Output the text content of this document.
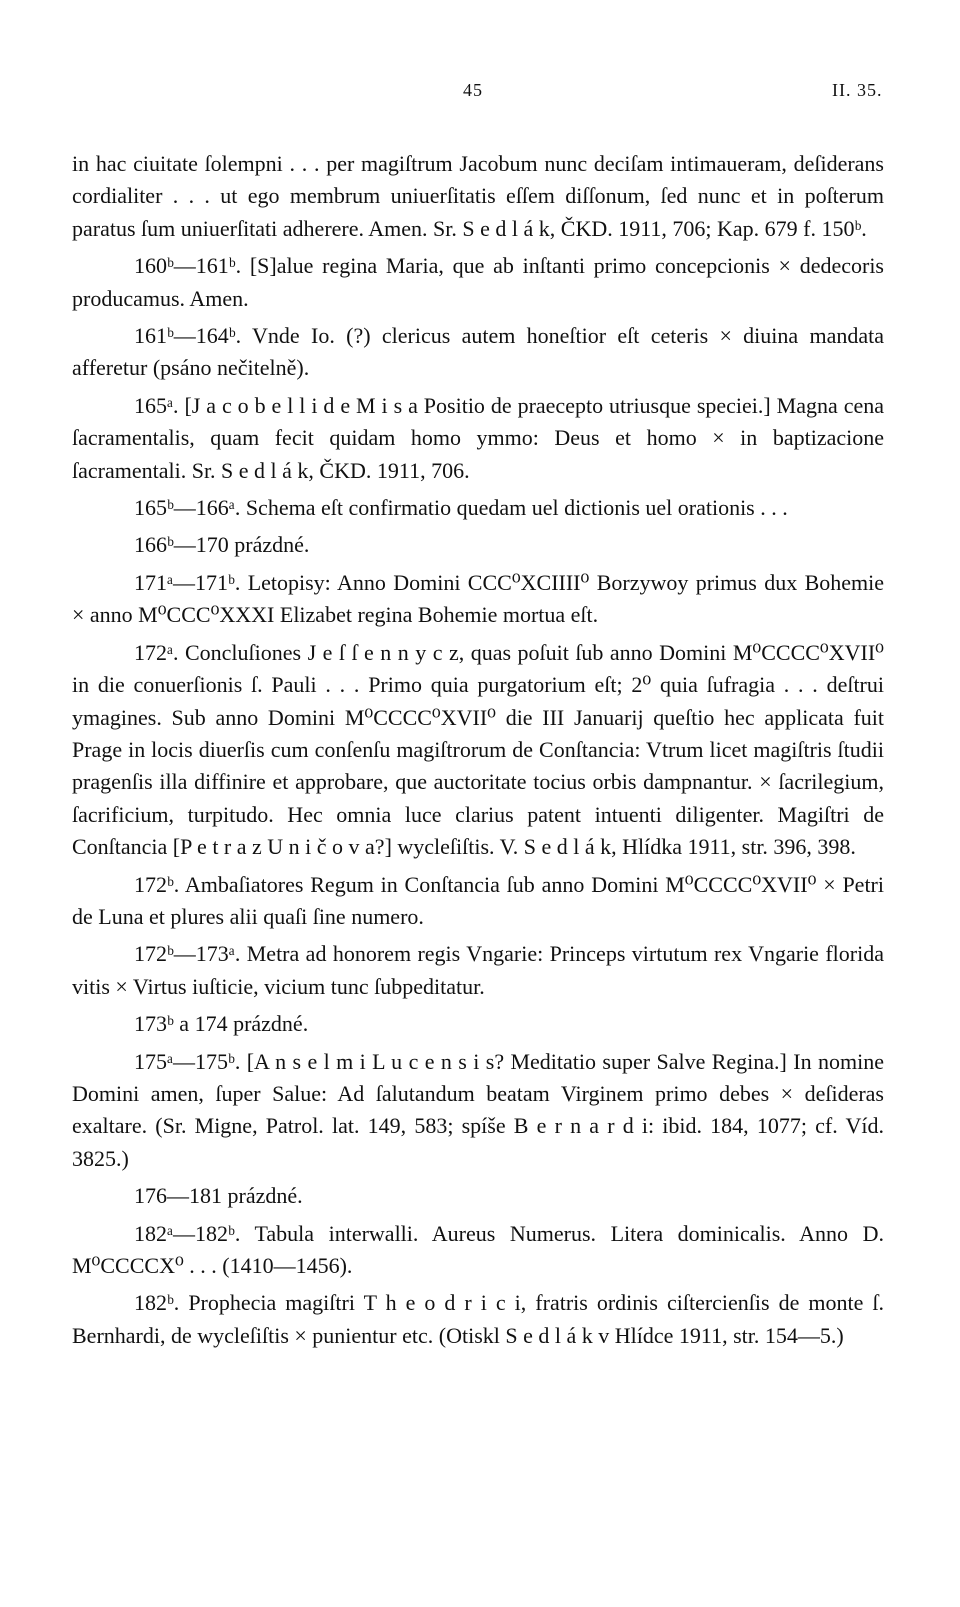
45	II. 35.

in hac ciuitate ſolempni . . . per magiſtrum Jacobum nunc deciſam intimaueram, deſiderans cordialiter . . . ut ego membrum uniuerſitatis eſſem diſſonum, ſed nunc et in poſterum paratus ſum uniuerſitati adherere. Amen. Sr. S e d l á k, ČKD. 1911, 706; Kap. 679 f. 150ᵇ.

160ᵇ—161ᵇ. [S]alue regina Maria, que ab inſtanti primo concepcionis × dedecoris producamus. Amen.

161ᵇ—164ᵇ. Vnde Io. (?) clericus autem honeſtior eſt ceteris × diuina mandata afferetur (psáno nečitelně).

165ᵃ. [J a c o b e l l i d e M i s a Positio de praecepto utriusque speciei.] Magna cena ſacramentalis, quam fecit quidam homo ymmo: Deus et homo × in baptizacione ſacramentali. Sr. S e d l á k, ČKD. 1911, 706.

165ᵇ—166ᵃ. Schema eſt confirmatio quedam uel dictionis uel orationis . . .

166ᵇ—170 prázdné.

171ᵃ—171ᵇ. Letopisy: Anno Domini CCC⁰XCIIII⁰ Borzywoy primus dux Bohemie × anno M⁰CCC⁰XXXI Elizabet regina Bohemie mortua eſt.

172ᵃ. Concluſiones J e ſ ſ e n n y c z, quas poſuit ſub anno Domini M⁰CCCC⁰XVII⁰ in die conuerſionis ſ. Pauli . . . Primo quia purgatorium eſt; 2⁰ quia ſufragia . . . deſtrui ymagines. Sub anno Domini M⁰CCCC⁰XVII⁰ die III Januarij queſtio hec applicata fuit Prage in locis diuerſis cum conſenſu magiſtrorum de Conſtancia: Vtrum licet magiſtris ſtudii pragenſis illa diffinire et approbare, que auctoritate tocius orbis dampnantur. × ſacrilegium, ſacrificium, turpitudo. Hec omnia luce clarius patent intuenti diligenter. Magiſtri de Conſtancia [P e t r a z U n i č o v a?] wycleſiſtis. V. S e d l á k, Hlídka 1911, str. 396, 398.

172ᵇ. Ambaſiatores Regum in Conſtancia ſub anno Domini M⁰CCCC⁰XVII⁰ × Petri de Luna et plures alii quaſi ſine numero.

172ᵇ—173ᵃ. Metra ad honorem regis Vngarie: Princeps virtutum rex Vngarie florida vitis × Virtus iuſticie, vicium tunc ſubpeditatur.

173ᵇ a 174 prázdné.

175ᵃ—175ᵇ. [A n s e l m i L u c e n s i s? Meditatio super Salve Regina.] In nomine Domini amen, ſuper Salue: Ad ſalutandum beatam Virginem primo debes × deſideras exaltare. (Sr. Migne, Patrol. lat. 149, 583; spíše B e r n a r d i: ibid. 184, 1077; cf. Víd. 3825.)

176—181 prázdné.

182ᵃ—182ᵇ. Tabula interwalli. Aureus Numerus. Litera dominicalis. Anno D. M⁰CCCCX⁰ . . . (1410—1456).

182ᵇ. Prophecia magiſtri T h e o d r i c i, fratris ordinis ciſtercienſis de monte ſ. Bernhardi, de wycleſiſtis × punientur etc. (Otiskl S e d l á k v Hlídce 1911, str. 154—5.)
